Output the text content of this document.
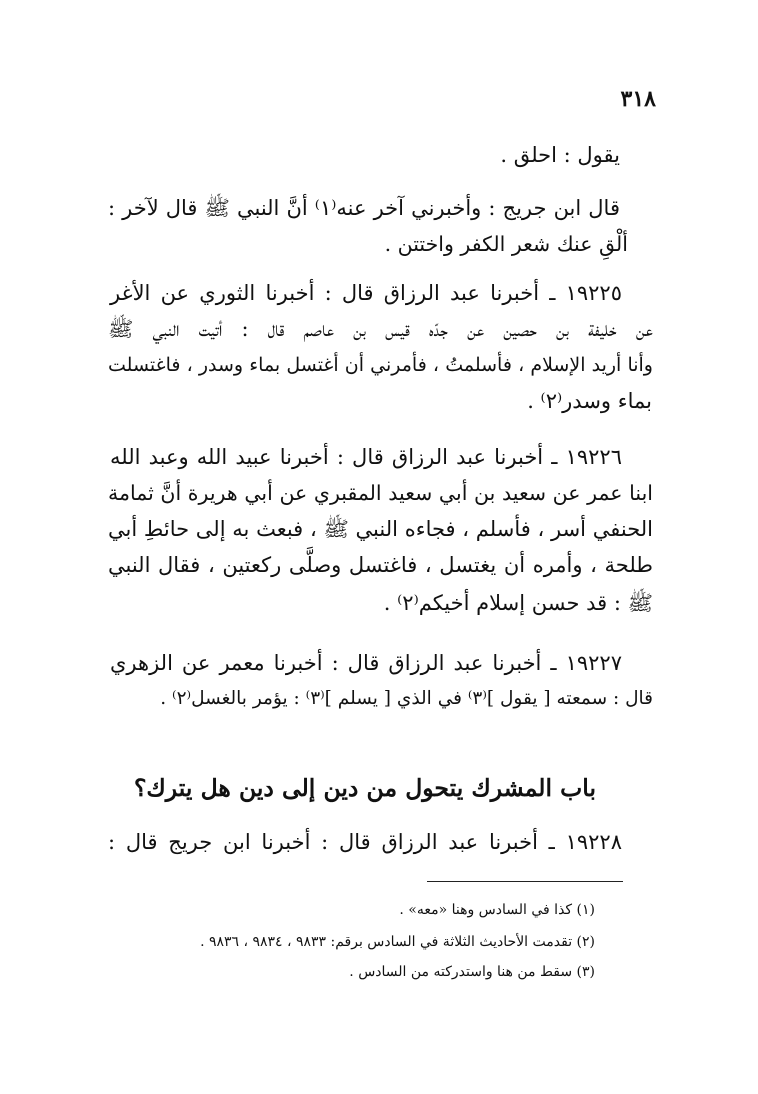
٣١٨
يقول : احلق .
قال ابن جريج : وأخبرني آخر عنه⁽١⁾ أنَّ النبي ﷺ قال لآخر :
ألْقِ عنك شعر الكفر واختتن .
١٩٢٢٥ ـ أخبرنا عبد الرزاق قال : أخبرنا الثوري عن الأغر
عن خليفة بن حصين عن جدّه قيس بن عاصم قال : أتيت النبي ﷺ
وأنا أريد الإسلام ، فأسلمتُ ، فأمرني أن أغتسل بماء وسدر ، فاغتسلت
بماء وسدر⁽٢⁾ .
١٩٢٢٦ ـ أخبرنا عبد الرزاق قال : أخبرنا عبيد الله وعبد الله
ابنا عمر عن سعيد بن أبي سعيد المقبري عن أبي هريرة أنَّ ثمامة
الحنفي أسر ، فأسلم ، فجاءه النبي ﷺ ، فبعث به إلى حائطِ أبي
طلحة ، وأمره أن يغتسل ، فاغتسل وصلَّى ركعتين ، فقال النبي
ﷺ : قد حسن إسلام أخيكم⁽٢⁾ .
١٩٢٢٧ ـ أخبرنا عبد الرزاق قال : أخبرنا معمر عن الزهري
قال : سمعته [ يقول ]⁽٣⁾ في الذي [ يسلم ]⁽٣⁾ : يؤمر بالغسل⁽٢⁾ .
باب المشرك يتحول من دين إلى دين هل يترك؟
١٩٢٢٨ ـ أخبرنا عبد الرزاق قال : أخبرنا ابن جريج قال :
(١) كذا في السادس وهنا «معه» .
(٢) تقدمت الأحاديث الثلاثة في السادس برقم: ٩٨٣٣ ، ٩٨٣٤ ، ٩٨٣٦ .
(٣) سقط من هنا واستدركته من السادس .
